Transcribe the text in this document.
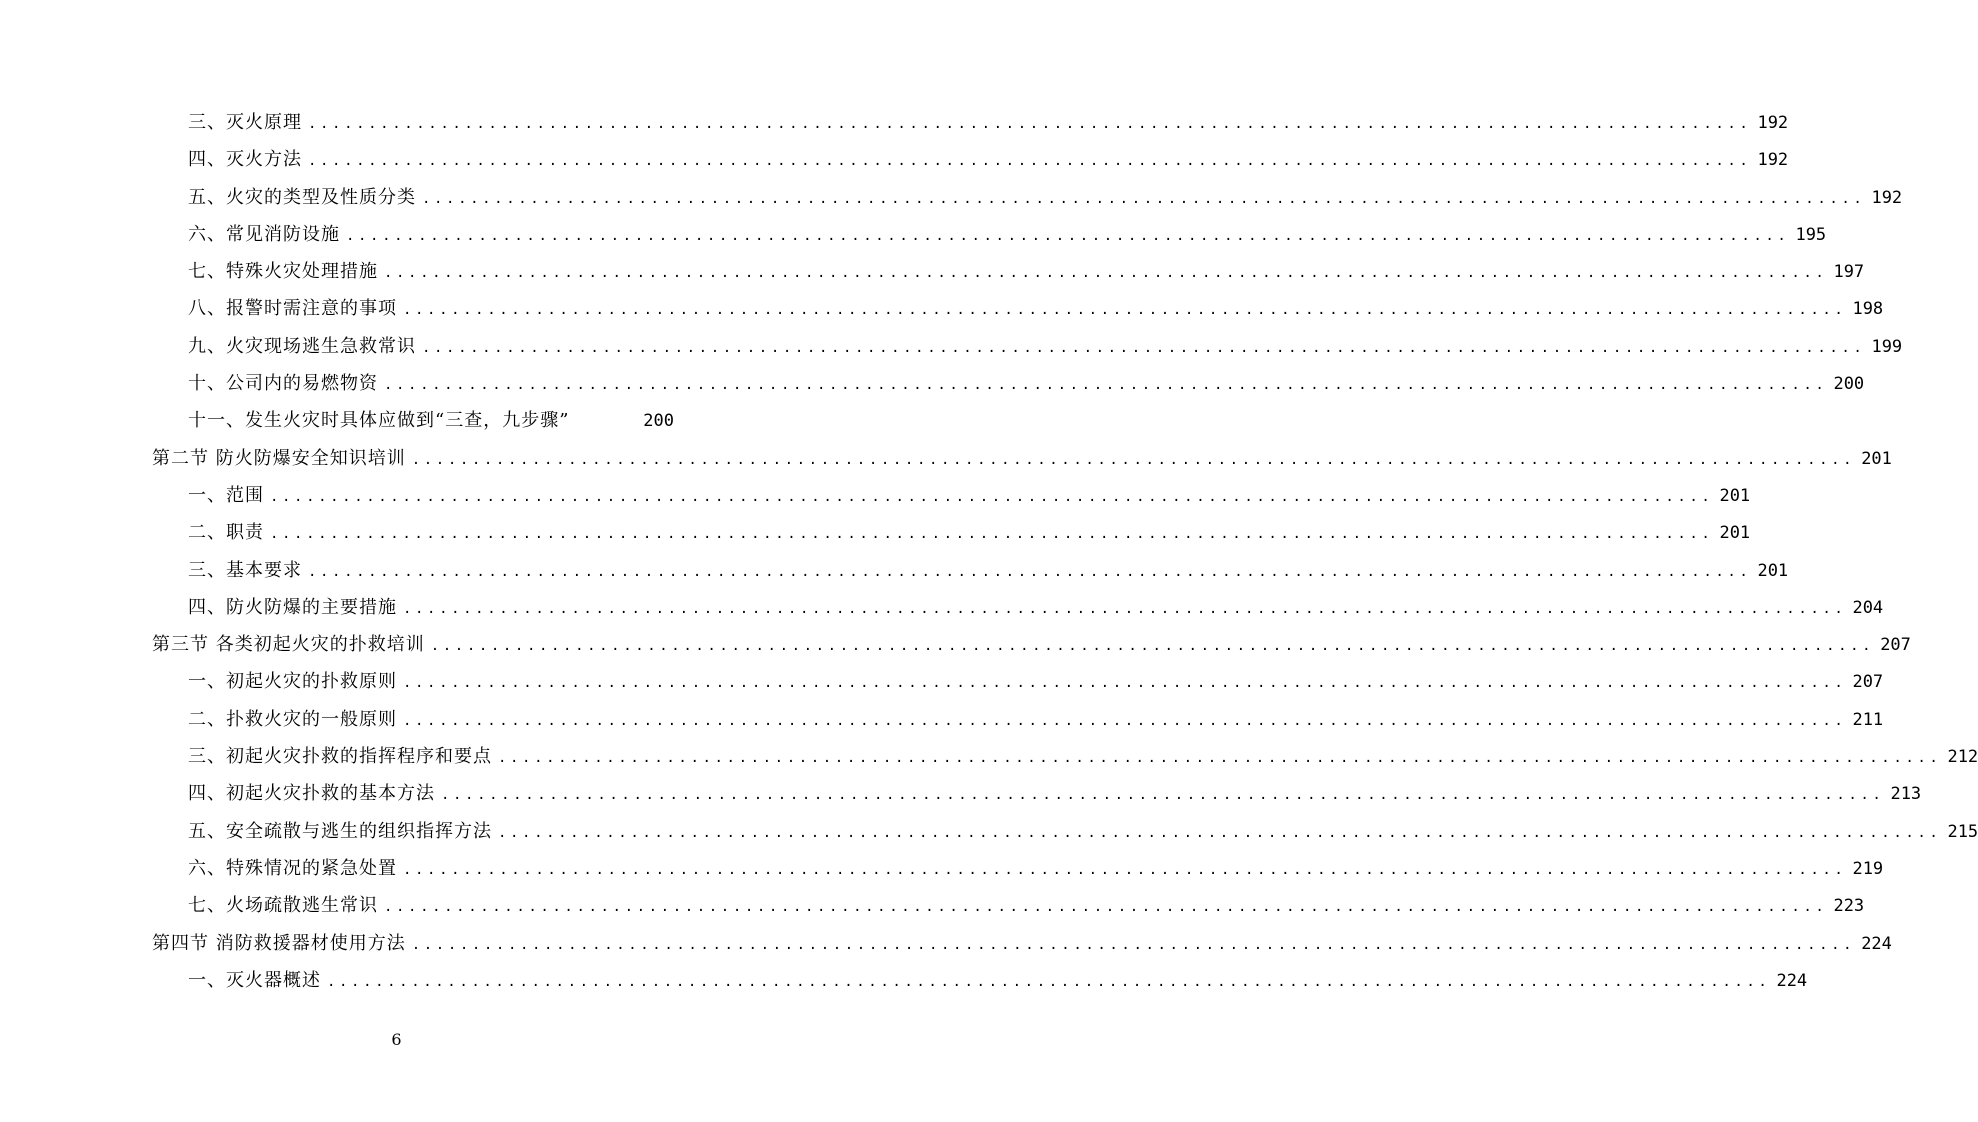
三、灭火原理 ........................................................................................................................ 192
四、灭火方法 ........................................................................................................................ 192
五、火灾的类型及性质分类 ........................................................................................................................ 192
六、常见消防设施 ........................................................................................................................ 195
七、特殊火灾处理措施 ........................................................................................................................ 197
八、报警时需注意的事项 ........................................................................................................................ 198
九、火灾现场逃生急救常识 ........................................................................................................................ 199
十、公司内的易燃物资 ........................................................................................................................ 200
十一、发生火灾时具体应做到“三查，九步骤”	200
第二节 防火防爆安全知识培训 ........................................................................................................................ 201
一、范围 ........................................................................................................................ 201
二、职责 ........................................................................................................................ 201
三、基本要求 ........................................................................................................................ 201
四、防火防爆的主要措施 ........................................................................................................................ 204
第三节 各类初起火灾的扑救培训 ........................................................................................................................ 207
一、初起火灾的扑救原则 ........................................................................................................................ 207
二、扑救火灾的一般原则 ........................................................................................................................ 211
三、初起火灾扑救的指挥程序和要点 ........................................................................................................................ 212
四、初起火灾扑救的基本方法 ........................................................................................................................ 213
五、安全疏散与逃生的组织指挥方法 ........................................................................................................................ 215
六、特殊情况的紧急处置 ........................................................................................................................ 219
七、火场疏散逃生常识 ........................................................................................................................ 223
第四节 消防救援器材使用方法 ........................................................................................................................ 224
一、灭火器概述 ........................................................................................................................ 224
6
